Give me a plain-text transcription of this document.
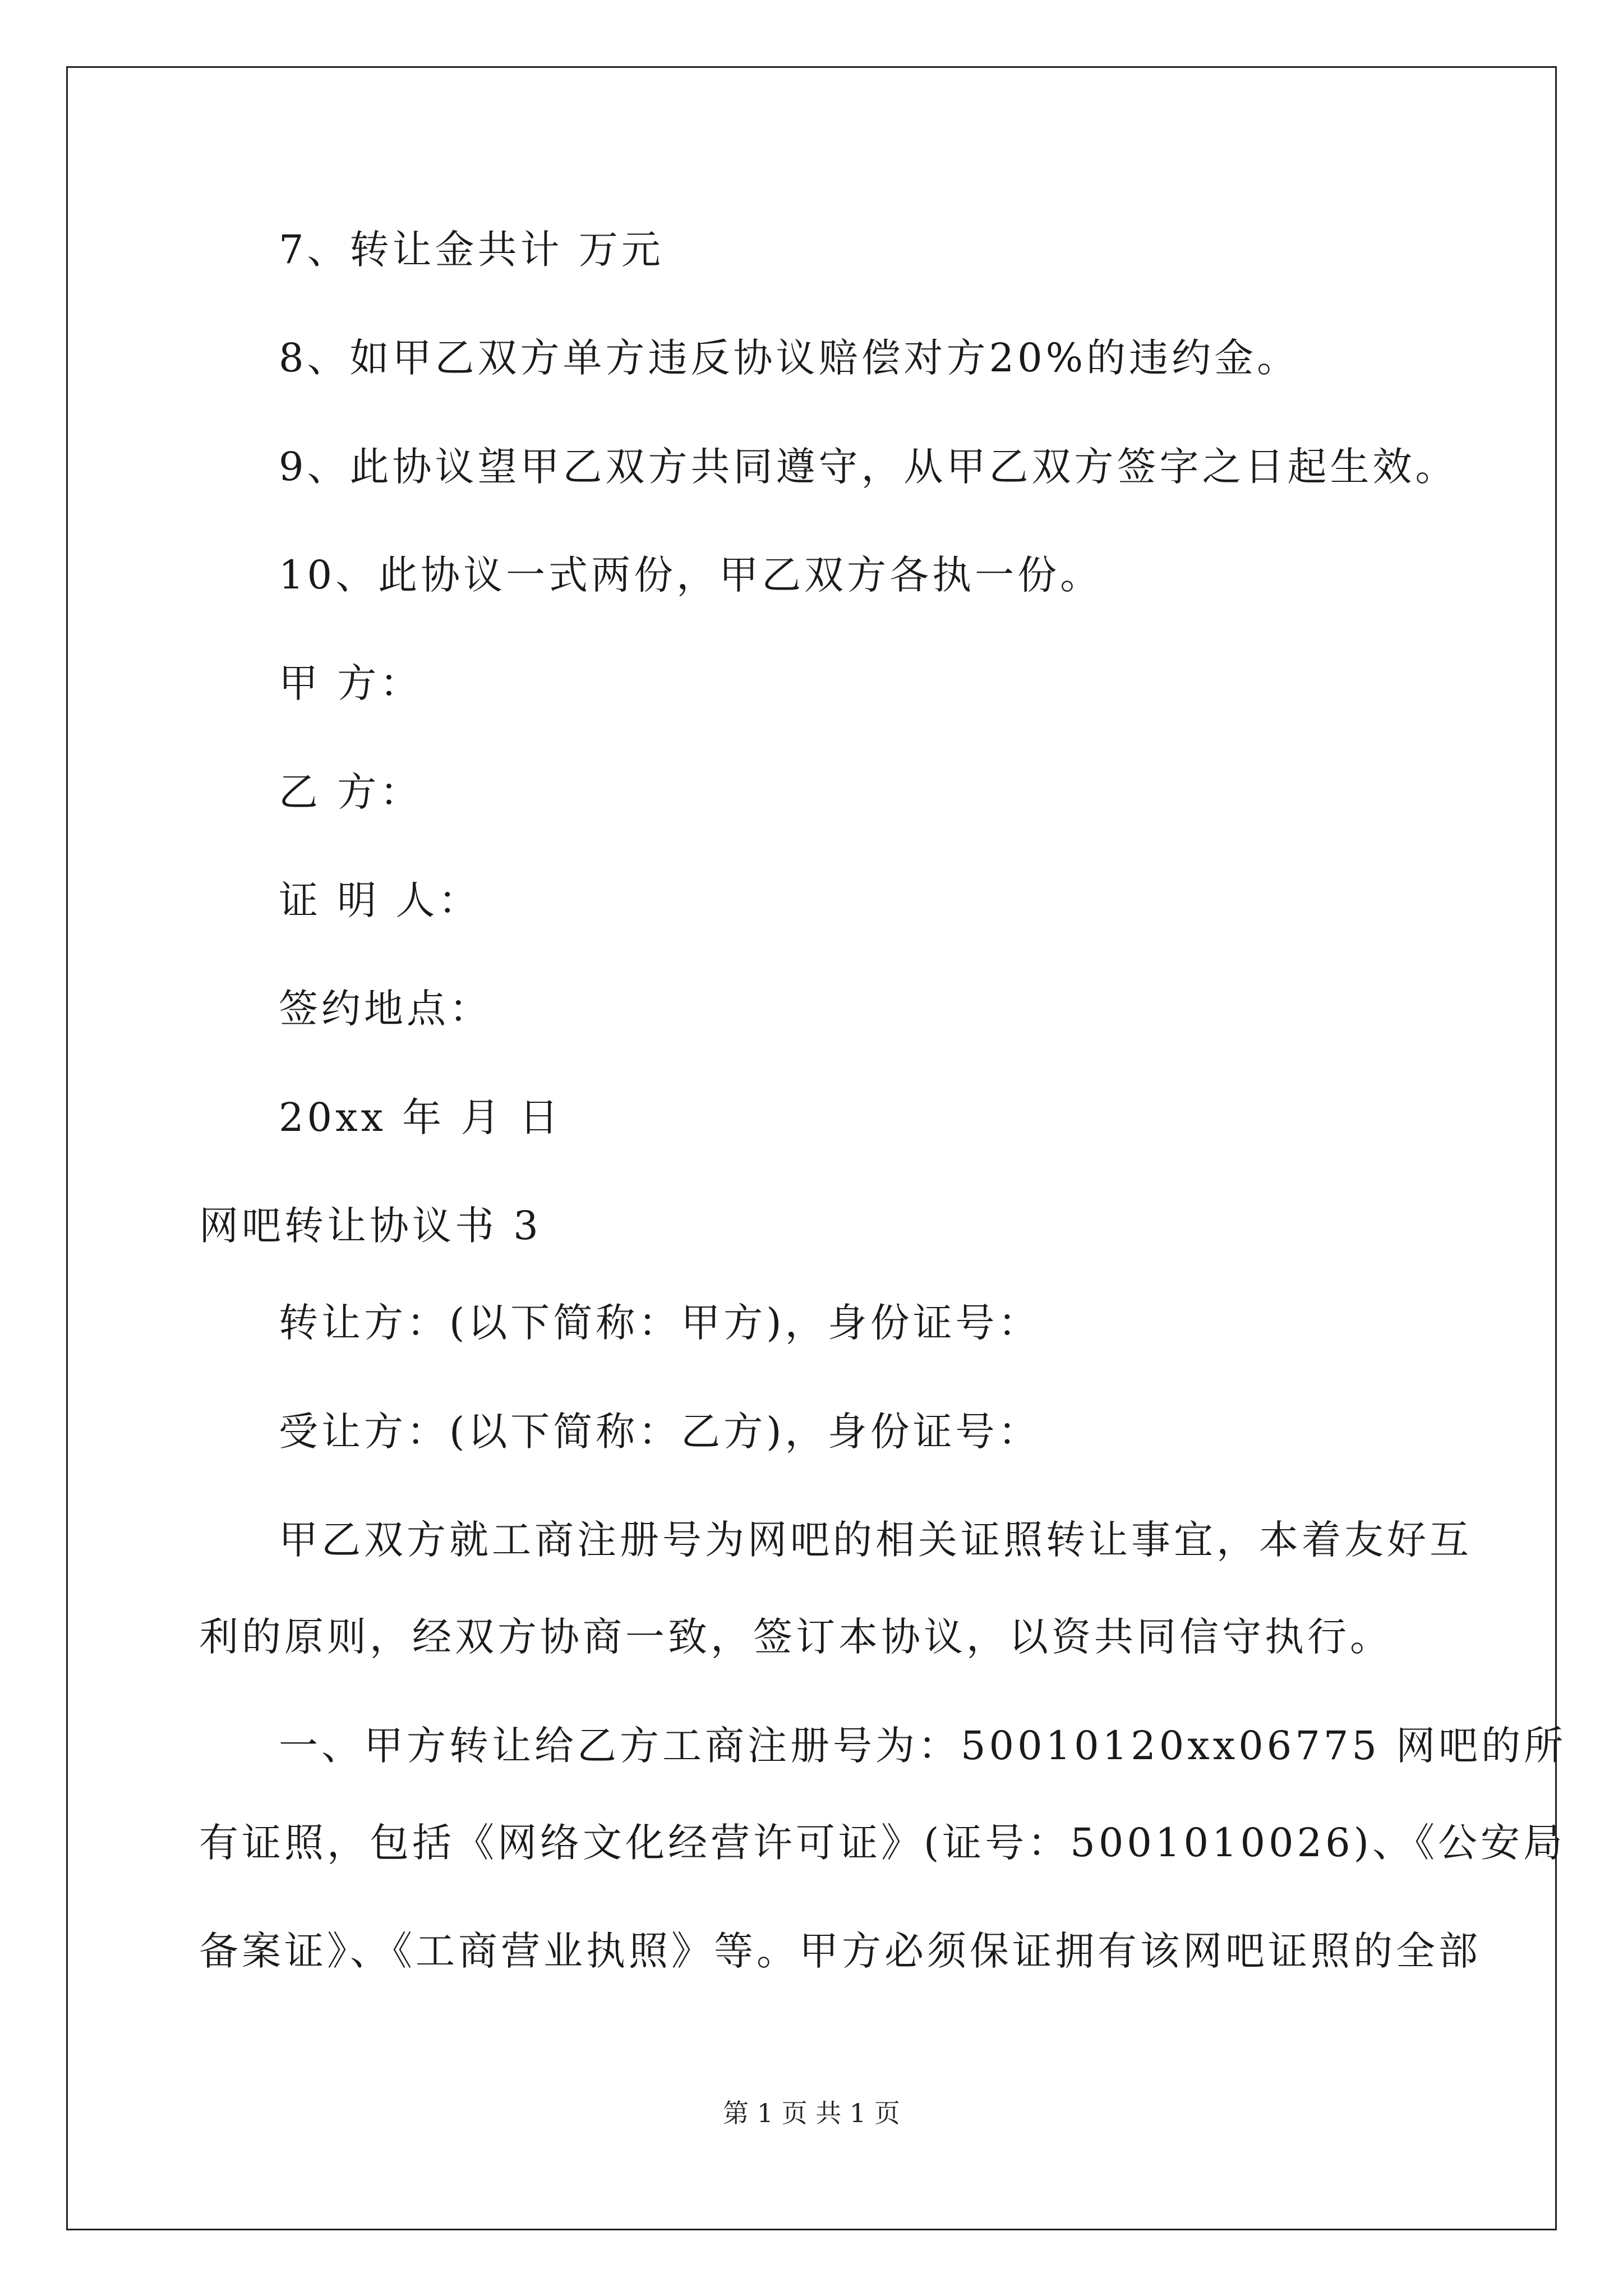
7、转让金共计 万元
8、如甲乙双方单方违反协议赔偿对方20%的违约金。
9、此协议望甲乙双方共同遵守，从甲乙双方签字之日起生效。
10、此协议一式两份，甲乙双方各执一份。
甲 方：
乙 方：
证 明 人：
签约地点：
20xx 年 月 日
网吧转让协议书 3
转让方：(以下简称：甲方)，身份证号：
受让方：(以下简称：乙方)，身份证号：
甲乙双方就工商注册号为网吧的相关证照转让事宜，本着友好互
利的原则，经双方协商一致，签订本协议，以资共同信守执行。
一、甲方转让给乙方工商注册号为：50010120xx06775 网吧的所
有证照，包括《网络文化经营许可证》(证号：5001010026)、《公安局
备案证》、《工商营业执照》等。甲方必须保证拥有该网吧证照的全部
第 1 页 共 1 页
